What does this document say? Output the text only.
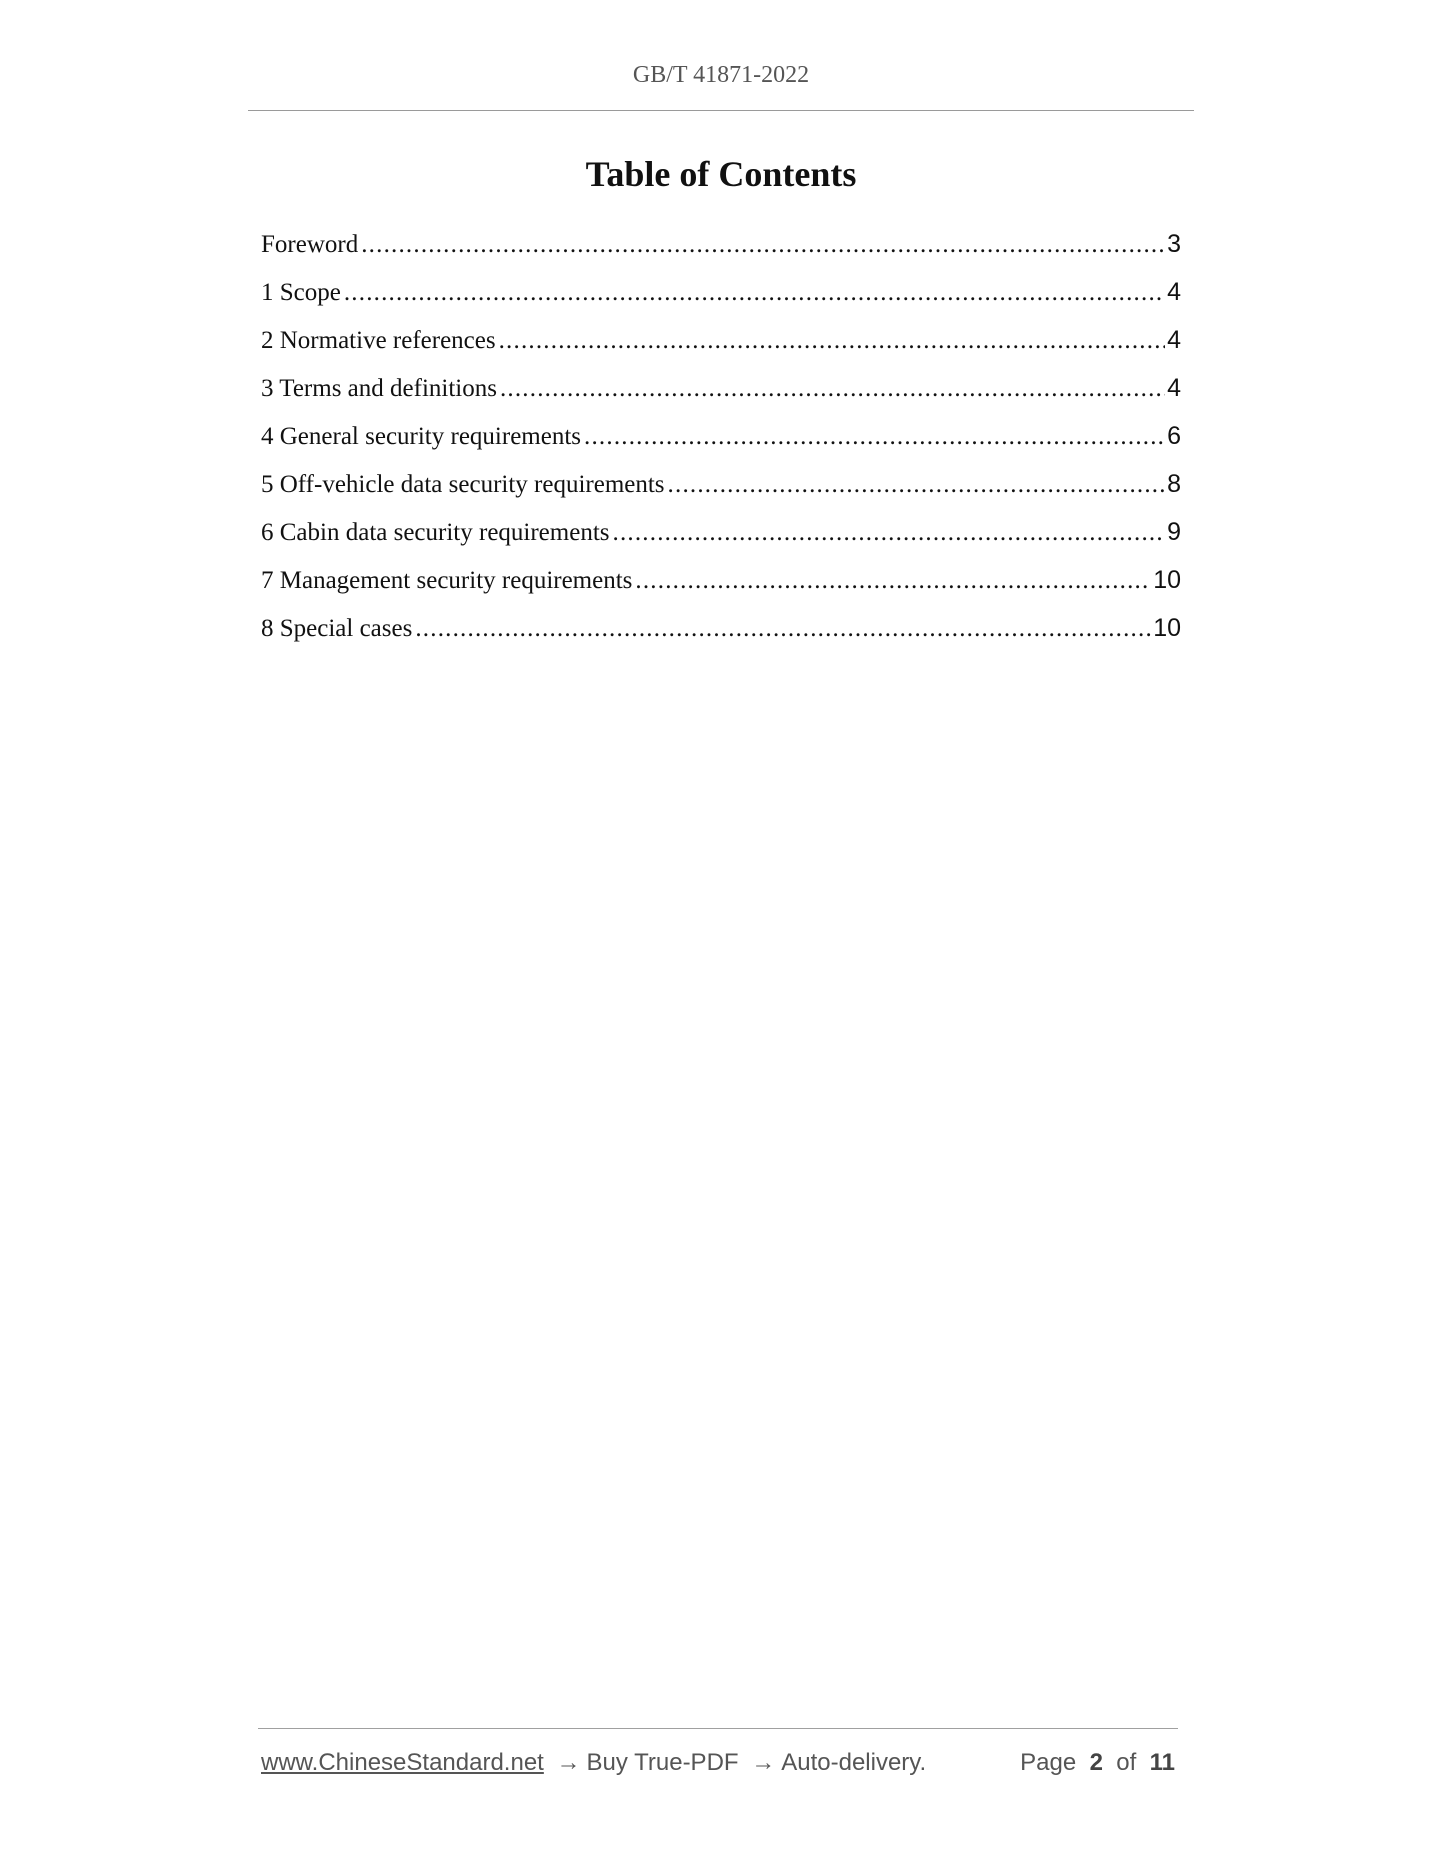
GB/T 41871-2022
Table of Contents
Foreword .....	3
1 Scope .....	4
2 Normative references .....	4
3 Terms and definitions .....	4
4 General security requirements .....	6
5 Off-vehicle data security requirements .....	8
6 Cabin data security requirements .....	9
7 Management security requirements .....	10
8 Special cases .....	10
www.ChineseStandard.net → Buy True-PDF → Auto-delivery.	Page 2 of 11
